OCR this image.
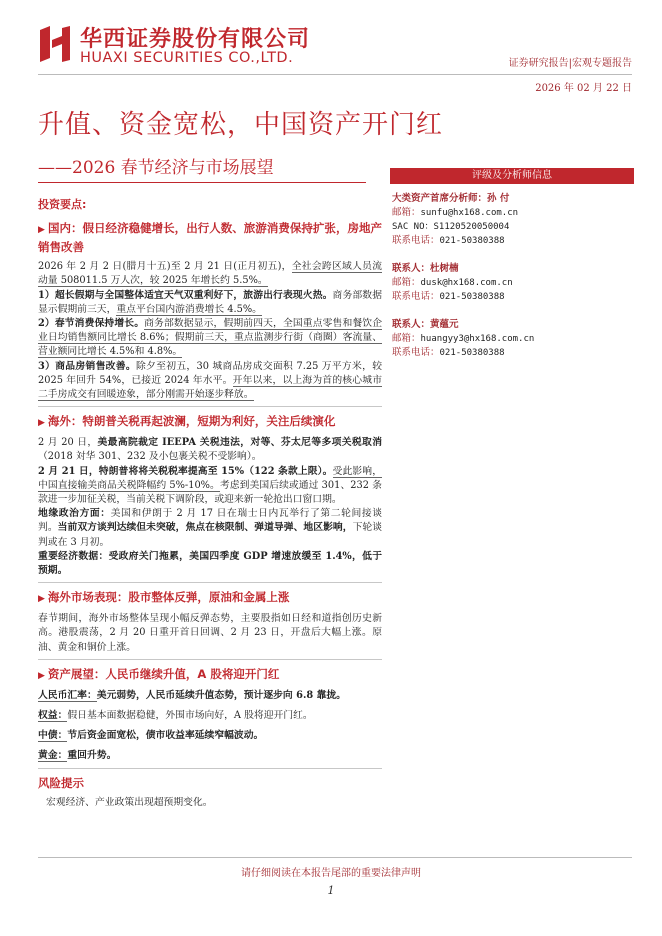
华西证券股份有限公司
HUAXI SECURITIES CO.,LTD.	证券研究报告|宏观专题报告
2026 年 02 月 22 日
升值、资金宽松，中国资产开门红
——2026 春节经济与市场展望
投资要点:
▶ 国内：假日经济稳健增长，出行人数、旅游消费保持扩张，房地产销售改善

2026 年 2 月 2 日(腊月十五)至 2 月 21 日(正月初五)，全社会跨区域人员流动量 508011.5 万人次，较 2025 年增长约 5.5%。

1）超长假期与全国整体适宜天气双重利好下，旅游出行表现火热。商务部数据显示假期前三天，重点平台国内游消费增长 4.5%。

2）春节消费保持增长。商务部数据显示，假期前四天，全国重点零售和餐饮企业日均销售额同比增长 8.6%；假期前三天，重点监测步行街（商圈）客流量、营业额同比增长 4.5%和 4.8%。

3）商品房销售改善。除夕至初五，30 城商品房成交面积 7.25 万平方米，较 2025 年回升 54%，已接近 2024 年水平。开年以来，以上海为首的核心城市二手房成交有回暖迹象，部分刚需开始逐步释放。

▶ 海外：特朗普关税再起波澜，短期为利好，关注后续演化

2 月 20 日，美最高院裁定 IEEPA 关税违法，对等、芬太尼等多项关税取消（2018 対华 301、232 及小包裹关税不受影响）。

2 月 21 日，特朗普将将关税税率提高至 15%（122 条款上限）。受此影响，中国直接输美商品关税降幅约 5%-10%。考虑到美国后续或通过 301、232 条款进一步加征关税，当前关税下调阶段，或迎来新一轮抢出口窗口期。

地缘政治方面：美国和伊朗于 2 月 17 日在瑞士日内瓦举行了第二轮间接谈判。当前双方谈判达续但未突破，焦点在核限制、弹道导弹、地区影响，下轮谈判或在 3 月初。

重要经济数据：受政府关门拖累，美国四季度 GDP 增速放缓至 1.4%，低于预期。

▶ 海外市场表现：股市整体反弹，原油和金属上涨

春节期间，海外市场整体呈现小幅反弹态势，主要股指如日经和道指创历史新高。港股震荡，2 月 20 日重开首日回调、2 月 23 日，开盘后大幅上涨。原油、黄金和铜价上涨。

▶ 资产展望：人民币继续升值，A 股将迎开门红

人民币汇率：美元弱势，人民币延续升值态势，预计逐步向 6.8 靠拢。

权益：假日基本面数据稳健，外围市场向好，A 股将迎开门红。

中债：节后资金面宽松，债市收益率延续窄幅波动。

黄金：重回升势。

风险提示

宏观经济、产业政策出现超预期变化。

评级及分析师信息
大类资产首席分析师：孙 付
邮箱：sunfu@hx168.com.cn
SAC NO：S1120520050004
联系电话：021-50380388
联系人：杜树楠
邮箱：dusk@hx168.com.cn
联系电话：021-50380388
联系人：黄蕴元
邮箱：huangyy3@hx168.com.cn
联系电话：021-50380388
请仔细阅读在本报告尾部的重要法律声明
1
